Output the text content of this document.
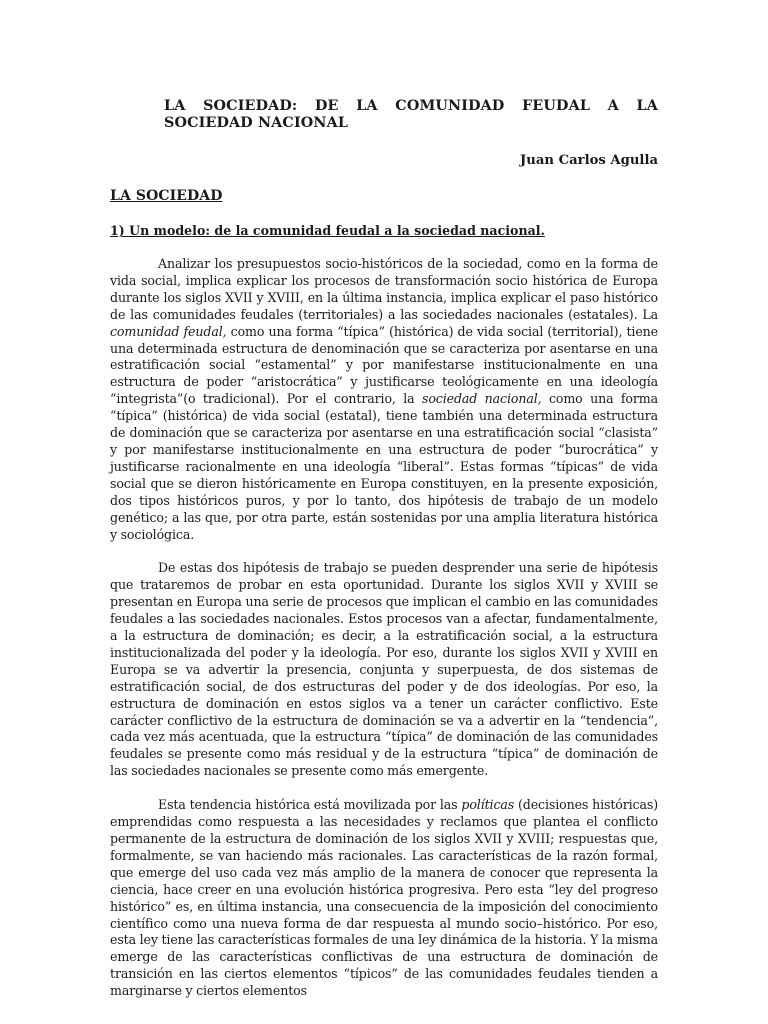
LA SOCIEDAD: DE LA COMUNIDAD FEUDAL A LA SOCIEDAD NACIONAL
Juan Carlos Agulla
LA SOCIEDAD
1) Un modelo: de la comunidad feudal a la sociedad nacional.

Analizar los presupuestos socio-históricos de la sociedad, como en la forma de vida social, implica explicar los procesos de transformación socio histórica de Europa durante los siglos XVII y XVIII, en la última instancia, implica explicar el paso histórico de las comunidades feudales (territoriales) a las sociedades nacionales (estatales). La comunidad feudal, como una forma “típica” (histórica) de vida social (territorial), tiene una determinada estructura de denominación que se caracteriza por asentarse en una estratificación social “estamental” y por manifestarse institucionalmente en una estructura de poder “aristocrática” y justificarse teológicamente en una ideología “integrista”(o tradicional). Por el contrario, la sociedad nacional, como una forma “típica” (histórica) de vida social (estatal), tiene también una determinada estructura de dominación que se caracteriza por asentarse en una estratificación social “clasista” y por manifestarse institucionalmente en una estructura de poder “burocrática” y justificarse racionalmente en una ideología “liberal”. Estas formas “típicas” de vida social que se dieron históricamente en Europa constituyen, en la presente exposición, dos tipos históricos puros, y por lo tanto, dos hipótesis de trabajo de un modelo genético; a las que, por otra parte, están sostenidas por una amplia literatura histórica y sociológica.

De estas dos hipótesis de trabajo se pueden desprender una serie de hipótesis que trataremos de probar en esta oportunidad. Durante los siglos XVII y XVIII se presentan en Europa una serie de procesos que implican el cambio en las comunidades feudales a las sociedades nacionales. Estos procesos van a afectar, fundamentalmente, a la estructura de dominación; es decir, a la estratificación social, a la estructura institucionalizada del poder y la ideología. Por eso, durante los siglos XVII y XVIII en Europa se va advertir la presencia, conjunta y superpuesta, de dos sistemas de estratificación social, de dos estructuras del poder y de dos ideologías. Por eso, la estructura de dominación en estos siglos va a tener un carácter conflictivo. Este carácter conflictivo de la estructura de dominación se va a advertir en la “tendencia”, cada vez más acentuada, que la estructura “típica” de dominación de las comunidades feudales se presente como más residual y de la estructura “típica” de dominación de las sociedades nacionales se presente como más emergente.

Esta tendencia histórica está movilizada por las políticas (decisiones históricas) emprendidas como respuesta a las necesidades y reclamos que plantea el conflicto permanente de la estructura de dominación de los siglos XVII y XVIII; respuestas que, formalmente, se van haciendo más racionales. Las características de la razón formal, que emerge del uso cada vez más amplio de la manera de conocer que representa la ciencia, hace creer en una evolución histórica progresiva. Pero esta “ley del progreso histórico” es, en última instancia, una consecuencia de la imposición del conocimiento científico como una nueva forma de dar respuesta al mundo socio–histórico. Por eso, esta ley tiene las características formales de una ley dinámica de la historia. Y la misma emerge de las características conflictivas de una estructura de dominación de transición en las ciertos elementos “típicos” de las comunidades feudales tienden a marginarse y ciertos elementos
